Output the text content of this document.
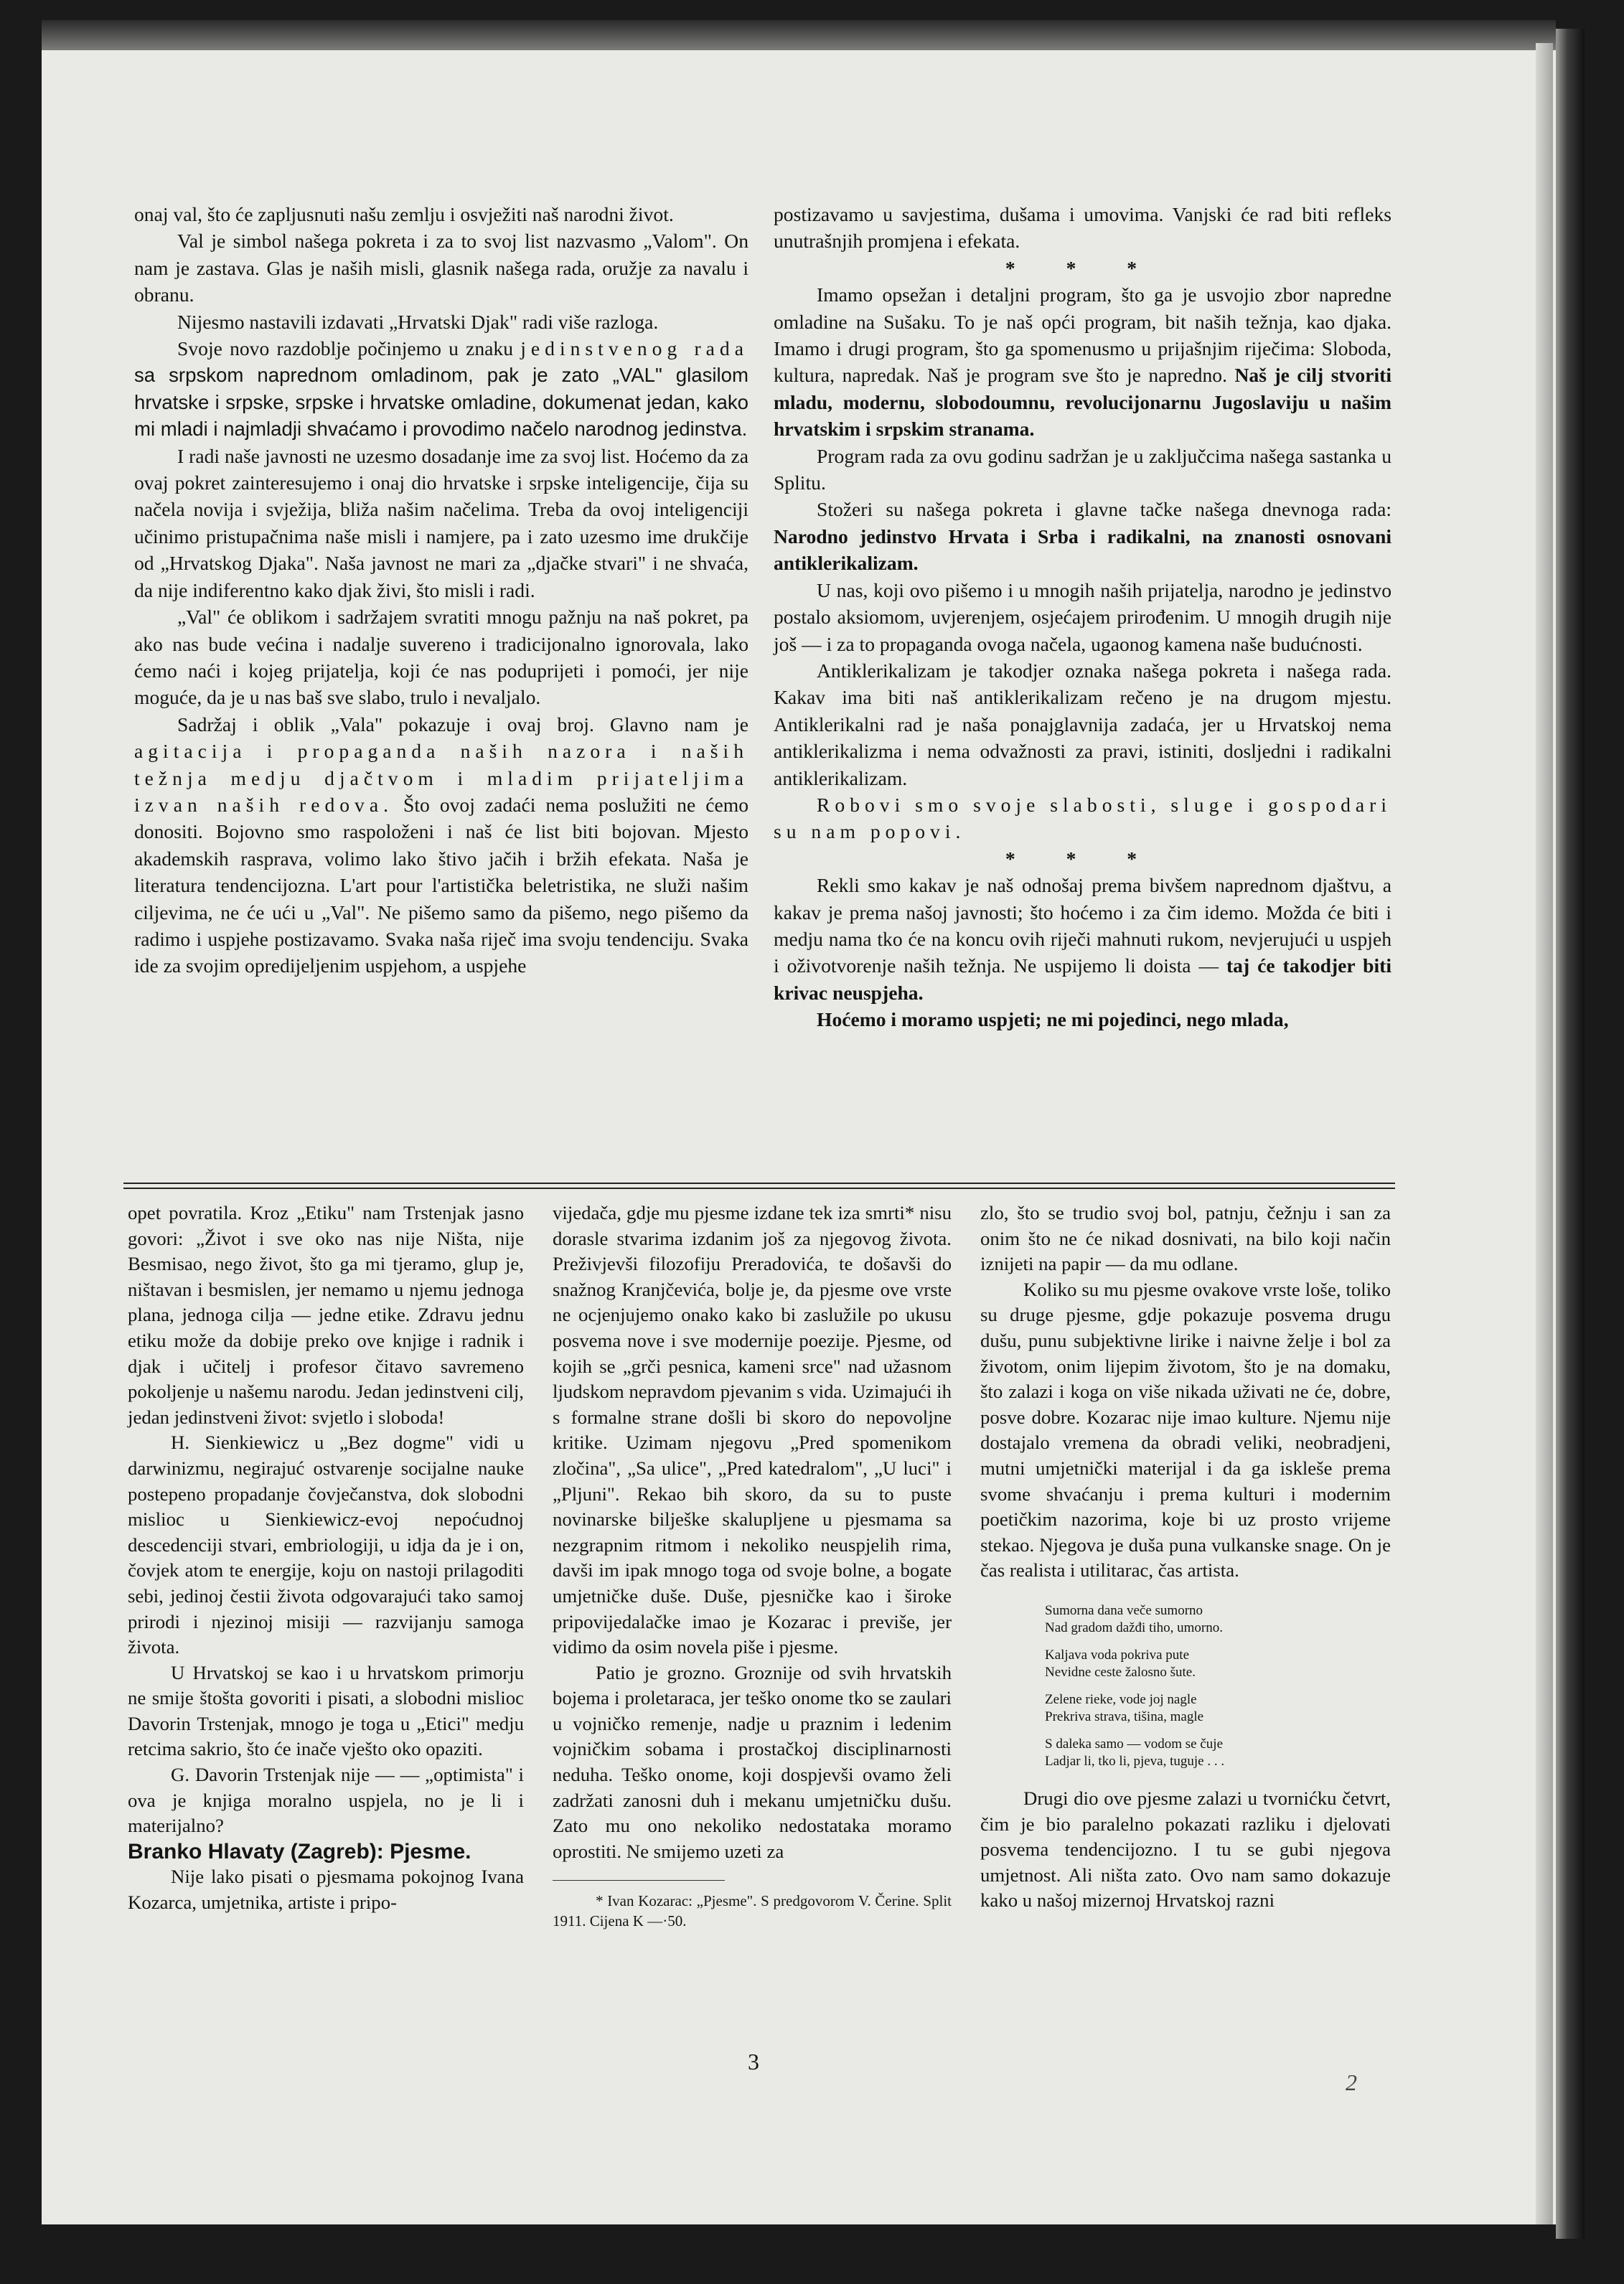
onaj val, što će zapljusnuti našu zemlju i osvježiti naš narodni život.

Val je simbol našega pokreta i za to svoj list nazvasmo „Valom". On nam je zastava. Glas je naših misli, glasnik našega rada, oružje za navalu i obranu.

Nijesmo nastavili izdavati „Hrvatski Djak" radi više razloga.

Svoje novo razdoblje počinjemo u znaku jedinstvenog rada sa srpskom naprednom omladinom, pak je zato „VAL" glasilom hrvatske i srpske, srpske i hrvatske omladine, dokumenat jedan, kako mi mladi i najmladji shvaćamo i provodimo načelo narodnog jedinstva.

I radi naše javnosti ne uzesmo dosadanje ime za svoj list. Hoćemo da za ovaj pokret zainteresujemo i onaj dio hrvatske i srpske inteligencije, čija su načela novija i svježija, bliža našim načelima. Treba da ovoj inteligenciji učinimo pristupačnima naše misli i namjere, pa i zato uzesmo ime drukčije od „Hrvatskog Djaka". Naša javnost ne mari za „djačke stvari" i ne shvaća, da nije indiferentno kako djak živi, što misli i radi.

„Val" će oblikom i sadržajem svratiti mnogu pažnju na naš pokret, pa ako nas bude većina i nadalje suvereno i tradicijonalno ignorovala, lako ćemo naći i kojeg prijatelja, koji će nas poduprijeti i pomoći, jer nije moguće, da je u nas baš sve slabo, trulo i nevaljalo.

Sadržaj i oblik „Vala" pokazuje i ovaj broj. Glavno nam je agitacija i propaganda naših nazora i naših težnja medju djačtvom i mladim prijateljima izvan naših redova. Što ovoj zadaći nema poslužiti ne ćemo donositi. Bojovno smo raspoloženi i naš će list biti bojovan. Mjesto akademskih rasprava, volimo lako štivo jačih i bržih efekata. Naša je literatura tendencijozna. L'art pour l'artistička beletristika, ne služi našim ciljevima, ne će ući u „Val". Ne pišemo samo da pišemo, nego pišemo da radimo i uspjehe postizavamo. Svaka naša riječ ima svoju tendenciju. Svaka ide za svojim opredijeljenim uspjehom, a uspjehe

postizavamo u savjestima, dušama i umovima. Vanjski će rad biti refleks unutrašnjih promjena i efekata.

* * *

Imamo opsežan i detaljni program, što ga je usvojio zbor napredne omladine na Sušaku. To je naš opći program, bit naših težnja, kao djaka. Imamo i drugi program, što ga spomenusmo u prijašnjim riječima: Sloboda, kultura, napredak. Naš je program sve što je napredno. Naš je cilj stvoriti mladu, modernu, slobodoumnu, revolucijonarnu Jugoslaviju u našim hrvatskim i srpskim stranama.

Program rada za ovu godinu sadržan je u zaključcima našega sastanka u Splitu.

Stožeri su našega pokreta i glavne tačke našega dnevnoga rada: Narodno jedinstvo Hrvata i Srba i radikalni, na znanosti osnovani antiklerikalizam.

U nas, koji ovo pišemo i u mnogih naših prijatelja, narodno je jedinstvo postalo aksiomom, uvjerenjem, osjećajem prirođenim. U mnogih drugih nije još — i za to propaganda ovoga načela, ugaonog kamena naše budućnosti.

Antiklerikalizam je takodjer oznaka našega pokreta i našega rada. Kakav ima biti naš antiklerikalizam rečeno je na drugom mjestu. Antiklerikalni rad je naša ponajglavnija zadaća, jer u Hrvatskoj nema antiklerikalizma i nema odvažnosti za pravi, istiniti, dosljedni i radikalni antiklerikalizam.

Robovi smo svoje slabosti, sluge i gospodari su nam popovi.

* * *

Rekli smo kakav je naš odnošaj prema bivšem naprednom djaštvu, a kakav je prema našoj javnosti; što hoćemo i za čim idemo. Možda će biti i medju nama tko će na koncu ovih riječi mahnuti rukom, nevjerujući u uspjeh i oživotvorenje naših težnja. Ne uspijemo li doista — taj će takodjer biti krivac neuspjeha.

Hoćemo i moramo uspjeti; ne mi pojedinci, nego mlada,

opet povratila. Kroz „Etiku" nam Trstenjak jasno govori: „Život i sve oko nas nije Ništa, nije Besmisao, nego život, što ga mi tjeramo, glup je, ništavan i besmislen, jer nemamo u njemu jednoga plana, jednoga cilja — jedne etike. Zdravu jednu etiku može da dobije preko ove knjige i radnik i djak i učitelj i profesor čitavo savremeno pokoljenje u našemu narodu. Jedan jedinstveni cilj, jedan jedinstveni život: svjetlo i sloboda!

H. Sienkiewicz u „Bez dogme" vidi u darwinizmu, negirajuć ostvarenje socijalne nauke postepeno propadanje čovječanstva, dok slobodni mislioc u Sienkiewicz-evoj nepoćudnoj descedenciji stvari, embriologiji, u idja da je i on, čovjek atom te energije, koju on nastoji prilagoditi sebi, jedinoj čestii života odgovarajući tako samoj prirodi i njezinoj misiji — razvijanju samoga života.

U Hrvatskoj se kao i u hrvatskom primorju ne smije štošta govoriti i pisati, a slobodni mislioc Davorin Trstenjak, mnogo je toga u „Etici" medju retcima sakrio, što će inače vješto oko opaziti.

G. Davorin Trstenjak nije — — „optimista" i ova je knjiga moralno uspjela, no je li i materijalno?

Branko Hlavaty (Zagreb): Pjesme.

Nije lako pisati o pjesmama pokojnog Ivana Kozarca, umjetnika, artiste i pripo-

vijedača, gdje mu pjesme izdane tek iza smrti* nisu dorasle stvarima izdanim još za njegovog života. Preživjevši filozofiju Preradovića, te došavši do snažnog Kranjčevića, bolje je, da pjesme ove vrste ne ocjenjujemo onako kako bi zaslužile po ukusu posvema nove i sve modernije poezije. Pjesme, od kojih se „grči pesnica, kameni srce" nad užasnom ljudskom nepravdom pjevanim s vida. Uzimajući ih s formalne strane došli bi skoro do nepovoljne kritike. Uzimam njegovu „Pred spomenikom zločina", „Sa ulice", „Pred katedralom", „U luci" i „Pljuni". Rekao bih skoro, da su to puste novinarske bilješke skalupljene u pjesmama sa nezgrapnim ritmom i nekoliko neuspjelih rima, davši im ipak mnogo toga od svoje bolne, a bogate umjetničke duše. Duše, pjesničke kao i široke pripovijedalačke imao je Kozarac i previše, jer vidimo da osim novela piše i pjesme.

Patio je grozno. Groznije od svih hrvatskih bojema i proletaraca, jer teško onome tko se zaulari u vojničko remenje, nadje u praznim i ledenim vojničkim sobama i prostačkoj disciplinarnosti neduha. Teško onome, koji dospjevši ovamo želi zadržati zanosni duh i mekanu umjetničku dušu. Zato mu ono nekoliko nedostataka moramo oprostiti. Ne smijemo uzeti za

* Ivan Kozarac: „Pjesme". S predgovorom V. Čerine. Split 1911. Cijena K —·50.

zlo, što se trudio svoj bol, patnju, čežnju i san za onim što ne će nikad dosnivati, na bilo koji način iznijeti na papir — da mu odlane.

Koliko su mu pjesme ovakove vrste loše, toliko su druge pjesme, gdje pokazuje posvema drugu dušu, punu subjektivne lirike i naivne želje i bol za životom, onim lijepim životom, što je na domaku, što zalazi i koga on više nikada uživati ne će, dobre, posve dobre. Kozarac nije imao kulture. Njemu nije dostajalo vremena da obradi veliki, neobradjeni, mutni umjetnički materijal i da ga iskleše prema svome shvaćanju i prema kulturi i modernim poetičkim nazorima, koje bi uz prosto vrijeme stekao. Njegova je duša puna vulkanske snage. On je čas realista i utilitarac, čas artista.

Sumorna dana veče sumorno
Nad gradom dažđi tiho, umorno.

Kaljava voda pokriva pute
Nevidne ceste žalosno šute.

Zelene rieke, vode joj nagle
Prekriva strava, tišina, magle

S daleka samo — vodom se čuje
Ladjar li, tko li, pjeva, tuguje . . .

Drugi dio ove pjesme zalazi u tvornićku četvrt, čim je bio paralelno pokazati razliku i djelovati posvema tendencijozno. I tu se gubi njegova umjetnost. Ali ništa zato. Ovo nam samo dokazuje kako u našoj mizernoj Hrvatskoj razni

3
2
